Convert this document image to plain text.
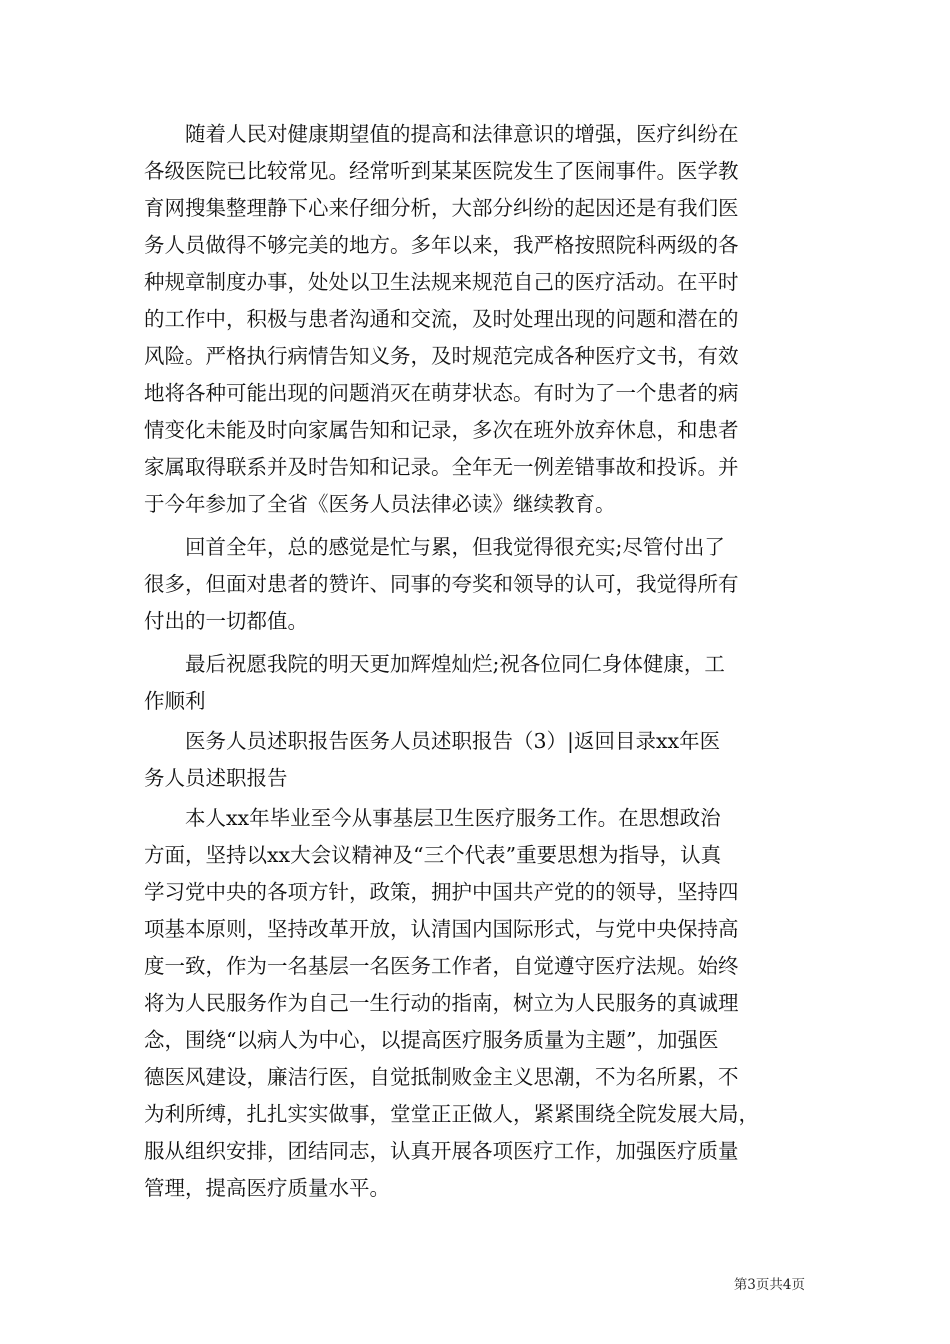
随着人民对健康期望值的提高和法律意识的增强，医疗纠纷在
各级医院已比较常见。经常听到某某医院发生了医闹事件。医学教
育网搜集整理静下心来仔细分析，大部分纠纷的起因还是有我们医
务人员做得不够完美的地方。多年以来，我严格按照院科两级的各
种规章制度办事，处处以卫生法规来规范自己的医疗活动。在平时
的工作中，积极与患者沟通和交流，及时处理出现的问题和潜在的
风险。严格执行病情告知义务，及时规范完成各种医疗文书，有效
地将各种可能出现的问题消灭在萌芽状态。有时为了一个患者的病
情变化未能及时向家属告知和记录，多次在班外放弃休息，和患者
家属取得联系并及时告知和记录。全年无一例差错事故和投诉。并
于今年参加了全省《医务人员法律必读》继续教育。
回首全年，总的感觉是忙与累，但我觉得很充实;尽管付出了
很多，但面对患者的赞许、同事的夸奖和领导的认可，我觉得所有
付出的一切都值。
最后祝愿我院的明天更加辉煌灿烂;祝各位同仁身体健康，工
作顺利
医务人员述职报告医务人员述职报告（3）|返回目录xx年医
务人员述职报告
本人xx年毕业至今从事基层卫生医疗服务工作。在思想政治
方面，坚持以xx大会议精神及“三个代表”重要思想为指导，认真
学习党中央的各项方针，政策，拥护中国共产党的的领导，坚持四
项基本原则，坚持改革开放，认清国内国际形式，与党中央保持高
度一致，作为一名基层一名医务工作者，自觉遵守医疗法规。始终
将为人民服务作为自己一生行动的指南，树立为人民服务的真诚理
念，围绕“以病人为中心，以提高医疗服务质量为主题”，加强医
德医风建设，廉洁行医，自觉抵制败金主义思潮，不为名所累，不
为利所缚，扎扎实实做事，堂堂正正做人，紧紧围绕全院发展大局，
服从组织安排，团结同志，认真开展各项医疗工作，加强医疗质量
管理，提高医疗质量水平。
第3页共4页
